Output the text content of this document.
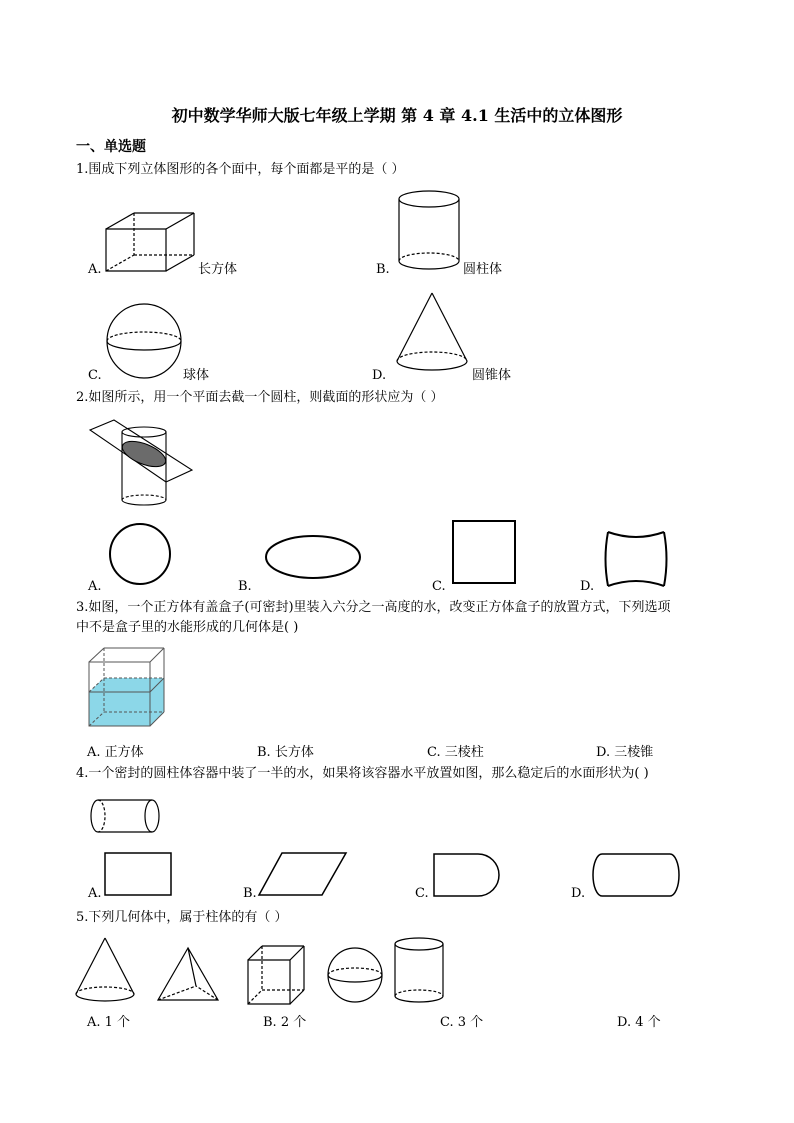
初中数学华师大版七年级上学期 第 4 章 4.1 生活中的立体图形
一、单选题
1.围成下列立体图形的各个面中，每个面都是平的是（ ）
A.	长方体	B.	圆柱体
C.	球体	D.	圆锥体
2.如图所示，用一个平面去截一个圆柱，则截面的形状应为（ ）
A.	B.	C.	D.
3.如图，一个正方体有盖盒子(可密封)里装入六分之一高度的水，改变正方体盒子的放置方式，下列选项
中不是盒子里的水能形成的几何体是( )
A. 正方体	B. 长方体	C. 三棱柱	D. 三棱锥
4.一个密封的圆柱体容器中装了一半的水，如果将该容器水平放置如图，那么稳定后的水面形状为( )
A.	B.	C.	D.
5.下列几何体中，属于柱体的有（ ）
A. 1 个	B. 2 个	C. 3 个	D. 4 个
